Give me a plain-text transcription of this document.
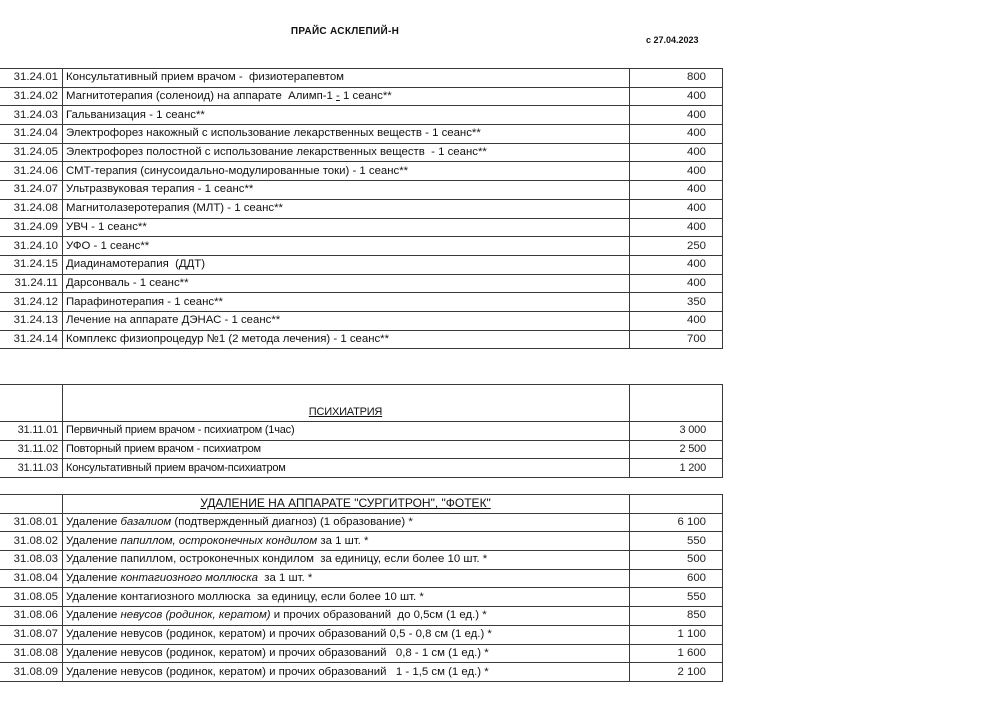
ПРАЙС АСКЛЕПИЙ-Н
с 27.04.2023
31.24.01	Консультативный прием врачом -  физиотерапевтом	800
31.24.02	Магнитотерапия (соленоид) на аппарате  Алимп-1 - 1 сеанс**	400
31.24.03	Гальванизация - 1 сеанс**	400
31.24.04	Электрофорез накожный с использование лекарственных веществ - 1 сеанс**	400
31.24.05	Электрофорез полостной с использование лекарственных веществ  - 1 сеанс**	400
31.24.06	СМТ-терапия (синусоидально-модулированные токи) - 1 сеанс**	400
31.24.07	Ультразвуковая терапия - 1 сеанс**	400
31.24.08	Магнитолазеротерапия (МЛТ) - 1 сеанс**	400
31.24.09	УВЧ - 1 сеанс**	400
31.24.10	УФО - 1 сеанс**	250
31.24.15	Диадинамотерапия  (ДДТ)	400
31.24.11	Дарсонваль - 1 сеанс**	400
31.24.12	Парафинотерапия - 1 сеанс**	350
31.24.13	Лечение на аппарате ДЭНАС - 1 сеанс**	400
31.24.14	Комплекс физиопроцедур №1 (2 метода лечения) - 1 сеанс**	700
	ПСИХИАТРИЯ	
31.11.01	Первичный прием врачом - психиатром (1час)	3 000
31.11.02	Повторный прием врачом - психиатром	2 500
31.11.03	Консультативный прием врачом-психиатром	1 200
	УДАЛЕНИЕ НА АППАРАТЕ "СУРГИТРОН", "ФОТЕК"	
31.08.01	Удаление базалиом (подтвержденный диагноз) (1 образование) *	6 100
31.08.02	Удаление папиллом, остроконечных кондилом за 1 шт. *	550
31.08.03	Удаление папиллом, остроконечных кондилом  за единицу, если более 10 шт. *	500
31.08.04	Удаление контагиозного моллюска  за 1 шт. *	600
31.08.05	Удаление контагиозного моллюска  за единицу, если более 10 шт. *	550
31.08.06	Удаление невусов (родинок, кератом) и прочих образований  до 0,5см (1 ед.) *	850
31.08.07	Удаление невусов (родинок, кератом) и прочих образований 0,5 - 0,8 см (1 ед.) *	1 100
31.08.08	Удаление невусов (родинок, кератом) и прочих образований   0,8 - 1 см (1 ед.) *	1 600
31.08.09	Удаление невусов (родинок, кератом) и прочих образований   1 - 1,5 см (1 ед.) *	2 100
